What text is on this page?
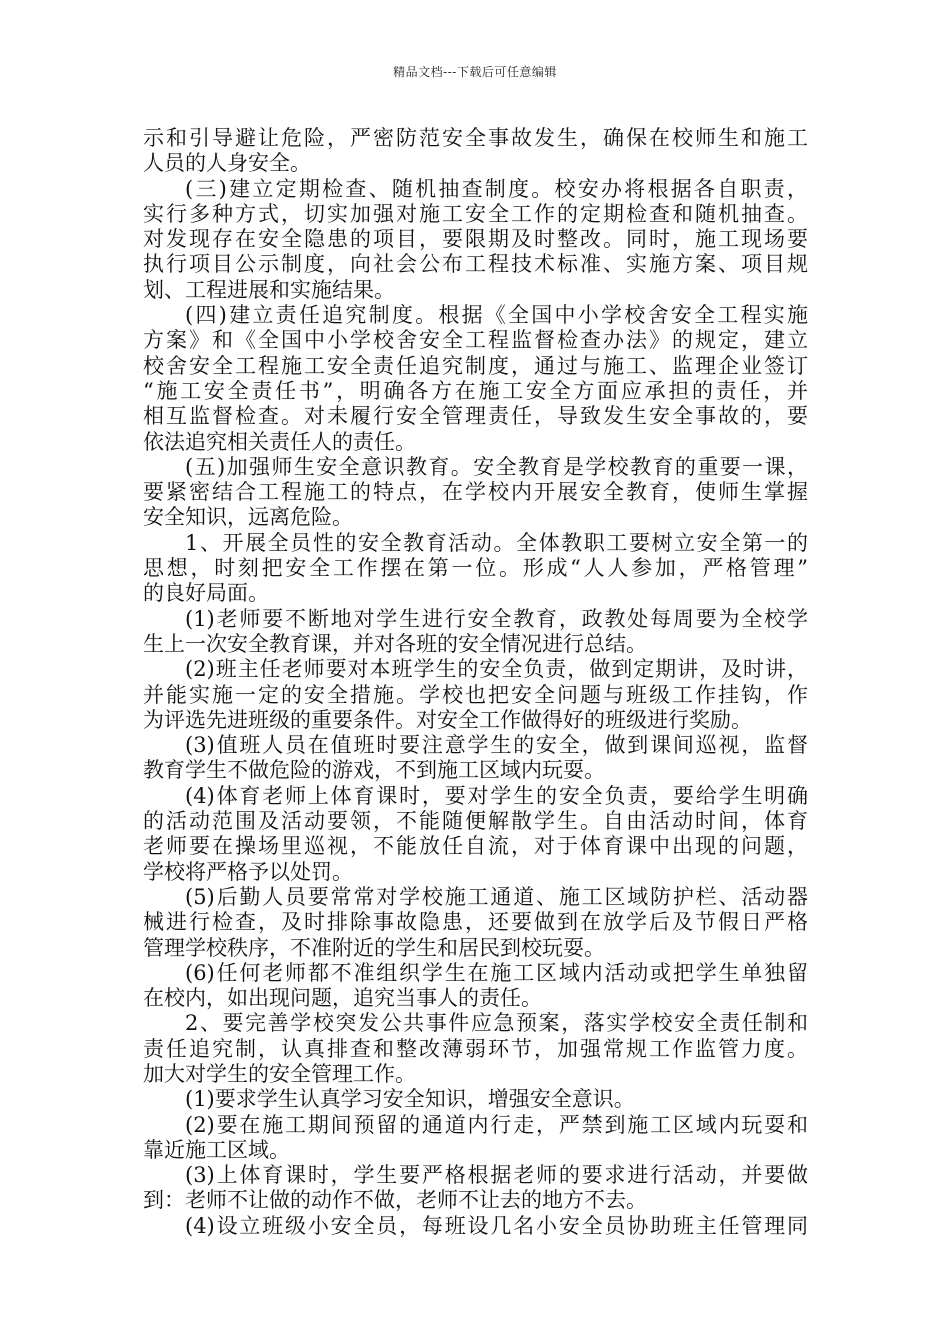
精品文档---下载后可任意编辑
示和引导避让危险，严密防范安全事故发生，确保在校师生和施工
人员的人身安全。
(三)建立定期检查、随机抽查制度。校安办将根据各自职责，
实行多种方式，切实加强对施工安全工作的定期检查和随机抽查。
对发现存在安全隐患的项目，要限期及时整改。同时，施工现场要
执行项目公示制度，向社会公布工程技术标准、实施方案、项目规
划、工程进展和实施结果。
(四)建立责任追究制度。根据《全国中小学校舍安全工程实施
方案》和《全国中小学校舍安全工程监督检查办法》的规定，建立
校舍安全工程施工安全责任追究制度，通过与施工、监理企业签订
“施工安全责任书”，明确各方在施工安全方面应承担的责任，并
相互监督检查。对未履行安全管理责任，导致发生安全事故的，要
依法追究相关责任人的责任。
(五)加强师生安全意识教育。安全教育是学校教育的重要一课，
要紧密结合工程施工的特点，在学校内开展安全教育，使师生掌握
安全知识，远离危险。
1、开展全员性的安全教育活动。全体教职工要树立安全第一的
思想，时刻把安全工作摆在第一位。形成“人人参加，严格管理”
的良好局面。
(1)老师要不断地对学生进行安全教育，政教处每周要为全校学
生上一次安全教育课，并对各班的安全情况进行总结。
(2)班主任老师要对本班学生的安全负责，做到定期讲，及时讲，
并能实施一定的安全措施。学校也把安全问题与班级工作挂钩，作
为评选先进班级的重要条件。对安全工作做得好的班级进行奖励。
(3)值班人员在值班时要注意学生的安全，做到课间巡视，监督
教育学生不做危险的游戏，不到施工区域内玩耍。
(4)体育老师上体育课时，要对学生的安全负责，要给学生明确
的活动范围及活动要领，不能随便解散学生。自由活动时间，体育
老师要在操场里巡视，不能放任自流，对于体育课中出现的问题，
学校将严格予以处罚。
(5)后勤人员要常常对学校施工通道、施工区域防护栏、活动器
械进行检查，及时排除事故隐患，还要做到在放学后及节假日严格
管理学校秩序，不准附近的学生和居民到校玩耍。
(6)任何老师都不准组织学生在施工区域内活动或把学生单独留
在校内，如出现问题，追究当事人的责任。
2、要完善学校突发公共事件应急预案，落实学校安全责任制和
责任追究制，认真排查和整改薄弱环节，加强常规工作监管力度。
加大对学生的安全管理工作。
(1)要求学生认真学习安全知识，增强安全意识。
(2)要在施工期间预留的通道内行走，严禁到施工区域内玩耍和
靠近施工区域。
(3)上体育课时，学生要严格根据老师的要求进行活动，并要做
到：老师不让做的动作不做，老师不让去的地方不去。
(4)设立班级小安全员，每班设几名小安全员协助班主任管理同
